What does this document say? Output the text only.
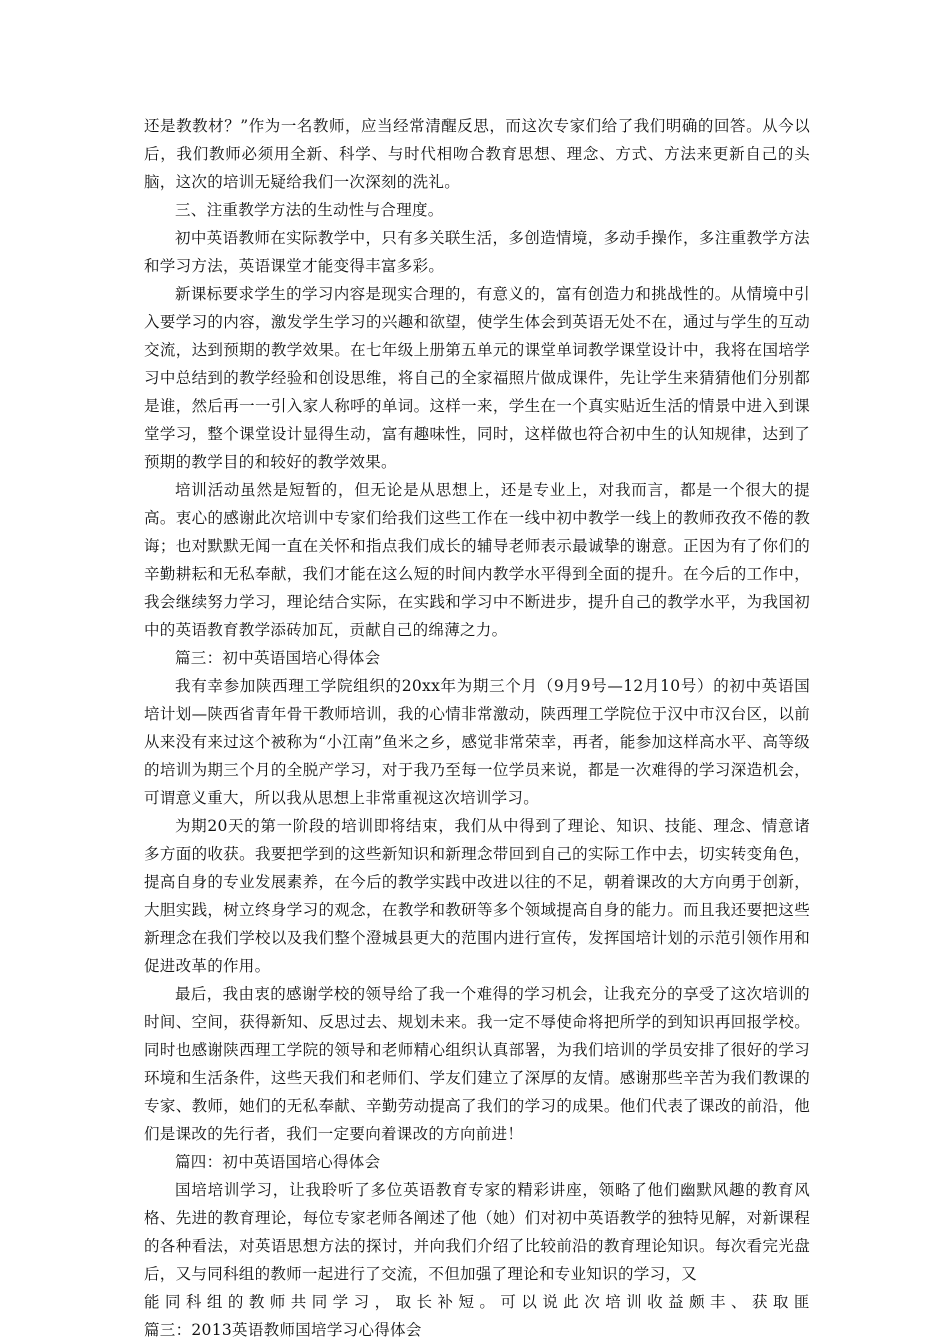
还是教教材？”作为一名教师，应当经常清醒反思，而这次专家们给了我们明确的回答。从今以后，我们教师必须用全新、科学、与时代相吻合教育思想、理念、方式、方法来更新自己的头脑，这次的培训无疑给我们一次深刻的洗礼。

三、注重教学方法的生动性与合理度。

初中英语教师在实际教学中，只有多关联生活，多创造情境，多动手操作，多注重教学方法和学习方法，英语课堂才能变得丰富多彩。

新课标要求学生的学习内容是现实合理的，有意义的，富有创造力和挑战性的。从情境中引入要学习的内容，激发学生学习的兴趣和欲望，使学生体会到英语无处不在，通过与学生的互动交流，达到预期的教学效果。在七年级上册第五单元的课堂单词教学课堂设计中，我将在国培学习中总结到的教学经验和创设思维，将自己的全家福照片做成课件，先让学生来猜猜他们分别都是谁，然后再一一引入家人称呼的单词。这样一来，学生在一个真实贴近生活的情景中进入到课堂学习，整个课堂设计显得生动，富有趣味性，同时，这样做也符合初中生的认知规律，达到了预期的教学目的和较好的教学效果。

培训活动虽然是短暂的，但无论是从思想上，还是专业上，对我而言，都是一个很大的提高。衷心的感谢此次培训中专家们给我们这些工作在一线中初中教学一线上的教师孜孜不倦的教诲；也对默默无闻一直在关怀和指点我们成长的辅导老师表示最诚挚的谢意。正因为有了你们的辛勤耕耘和无私奉献，我们才能在这么短的时间内教学水平得到全面的提升。在今后的工作中，我会继续努力学习，理论结合实际，在实践和学习中不断进步，提升自己的教学水平，为我国初中的英语教育教学添砖加瓦，贡献自己的绵薄之力。

篇三：初中英语国培心得体会

我有幸参加陕西理工学院组织的20xx年为期三个月（9月9号—12月10号）的初中英语国培计划—陕西省青年骨干教师培训，我的心情非常激动，陕西理工学院位于汉中市汉台区，以前从来没有来过这个被称为“小江南”鱼米之乡，感觉非常荣幸，再者，能参加这样高水平、高等级的培训为期三个月的全脱产学习，对于我乃至每一位学员来说，都是一次难得的学习深造机会，可谓意义重大，所以我从思想上非常重视这次培训学习。

为期20天的第一阶段的培训即将结束，我们从中得到了理论、知识、技能、理念、情意诸多方面的收获。我要把学到的这些新知识和新理念带回到自己的实际工作中去，切实转变角色，提高自身的专业发展素养，在今后的教学实践中改进以往的不足，朝着课改的大方向勇于创新，大胆实践，树立终身学习的观念，在教学和教研等多个领域提高自身的能力。而且我还要把这些新理念在我们学校以及我们整个澄城县更大的范围内进行宣传，发挥国培计划的示范引领作用和促进改革的作用。

最后，我由衷的感谢学校的领导给了我一个难得的学习机会，让我充分的享受了这次培训的时间、空间，获得新知、反思过去、规划未来。我一定不辱使命将把所学的到知识再回报学校。同时也感谢陕西理工学院的领导和老师精心组织认真部署，为我们培训的学员安排了很好的学习环境和生活条件，这些天我们和老师们、学友们建立了深厚的友情。感谢那些辛苦为我们教课的专家、教师，她们的无私奉献、辛勤劳动提高了我们的学习的成果。他们代表了课改的前沿，他们是课改的先行者，我们一定要向着课改的方向前进！

篇四：初中英语国培心得体会

国培培训学习，让我聆听了多位英语教育专家的精彩讲座，领略了他们幽默风趣的教育风格、先进的教育理论，每位专家老师各阐述了他（她）们对初中英语教学的独特见解，对新课程的各种看法，对英语思想方法的探讨，并向我们介绍了比较前沿的教育理论知识。每次看完光盘后，又与同科组的教师一起进行了交流，不但加强了理论和专业知识的学习，又

能同科组的教师共同学习，取长补短。可以说此次培训收益颇丰、获取匪

篇三：2013英语教师国培学习心得体会
